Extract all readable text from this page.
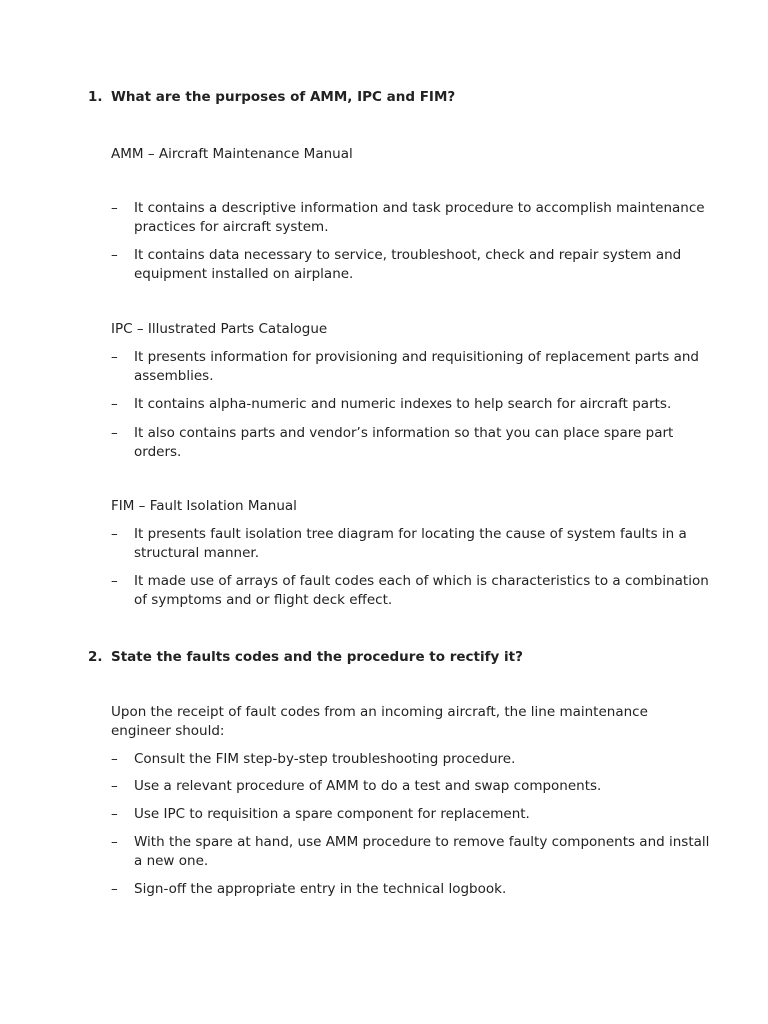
1. What are the purposes of AMM, IPC and FIM?
AMM – Aircraft Maintenance Manual
– It contains a descriptive information and task procedure to accomplish maintenance practices for aircraft system.
– It contains data necessary to service, troubleshoot, check and repair system and equipment installed on airplane.
IPC – Illustrated Parts Catalogue
– It presents information for provisioning and requisitioning of replacement parts and assemblies.
– It contains alpha-numeric and numeric indexes to help search for aircraft parts.
– It also contains parts and vendor’s information so that you can place spare part orders.
FIM – Fault Isolation Manual
– It presents fault isolation tree diagram for locating the cause of system faults in a structural manner.
– It made use of arrays of fault codes each of which is characteristics to a combination of symptoms and or flight deck effect.
2. State the faults codes and the procedure to rectify it?
Upon the receipt of fault codes from an incoming aircraft, the line maintenance engineer should:
– Consult the FIM step-by-step troubleshooting procedure.
– Use a relevant procedure of AMM to do a test and swap components.
– Use IPC to requisition a spare component for replacement.
– With the spare at hand, use AMM procedure to remove faulty components and install a new one.
– Sign-off the appropriate entry in the technical logbook.
